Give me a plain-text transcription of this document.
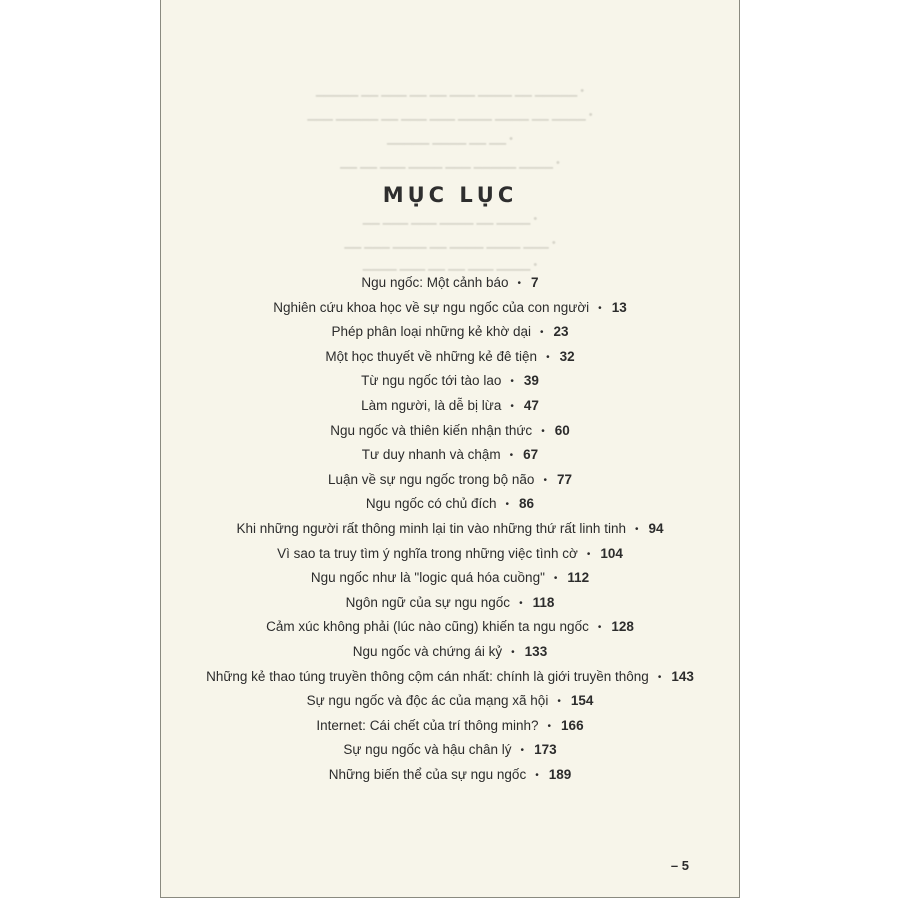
▁▁▁▁▁ ▁▁ ▁▁▁ ▁▁ ▁▁ ▁▁▁ ▁▁▁▁ ▁▁ ▁▁▁▁▁ •
▁▁▁ ▁▁▁▁▁ ▁▁ ▁▁▁ ▁▁▁ ▁▁▁▁ ▁▁▁▁ ▁▁ ▁▁▁▁ •
▁▁▁▁▁ ▁▁▁▁ ▁▁ ▁▁ •
▁▁ ▁▁ ▁▁▁ ▁▁▁▁ ▁▁▁ ▁▁▁▁▁ ▁▁▁▁ •
▁▁ ▁▁▁ ▁▁▁ ▁▁▁▁ ▁▁ ▁▁▁▁ •
▁▁ ▁▁▁ ▁▁▁▁ ▁▁ ▁▁▁▁ ▁▁▁▁ ▁▁▁ •
▁▁▁▁ ▁▁▁ ▁▁ ▁▁ ▁▁▁ ▁▁▁▁ •
MỤC LỤC
Ngu ngốc: Một cảnh báo • 7
Nghiên cứu khoa học về sự ngu ngốc của con người • 13
Phép phân loại những kẻ khờ dại • 23
Một học thuyết về những kẻ đê tiện • 32
Từ ngu ngốc tới tào lao • 39
Làm người, là dễ bị lừa • 47
Ngu ngốc và thiên kiến nhận thức • 60
Tư duy nhanh và chậm • 67
Luận về sự ngu ngốc trong bộ não • 77
Ngu ngốc có chủ đích • 86
Khi những người rất thông minh lại tin vào những thứ rất linh tinh • 94
Vì sao ta truy tìm ý nghĩa trong những việc tình cờ • 104
Ngu ngốc như là "logic quá hóa cuồng" • 112
Ngôn ngữ của sự ngu ngốc • 118
Cảm xúc không phải (lúc nào cũng) khiến ta ngu ngốc • 128
Ngu ngốc và chứng ái kỷ • 133
Những kẻ thao túng truyền thông cộm cán nhất: chính là giới truyền thông • 143
Sự ngu ngốc và độc ác của mạng xã hội • 154
Internet: Cái chết của trí thông minh? • 166
Sự ngu ngốc và hậu chân lý • 173
Những biến thể của sự ngu ngốc • 189
– 5
